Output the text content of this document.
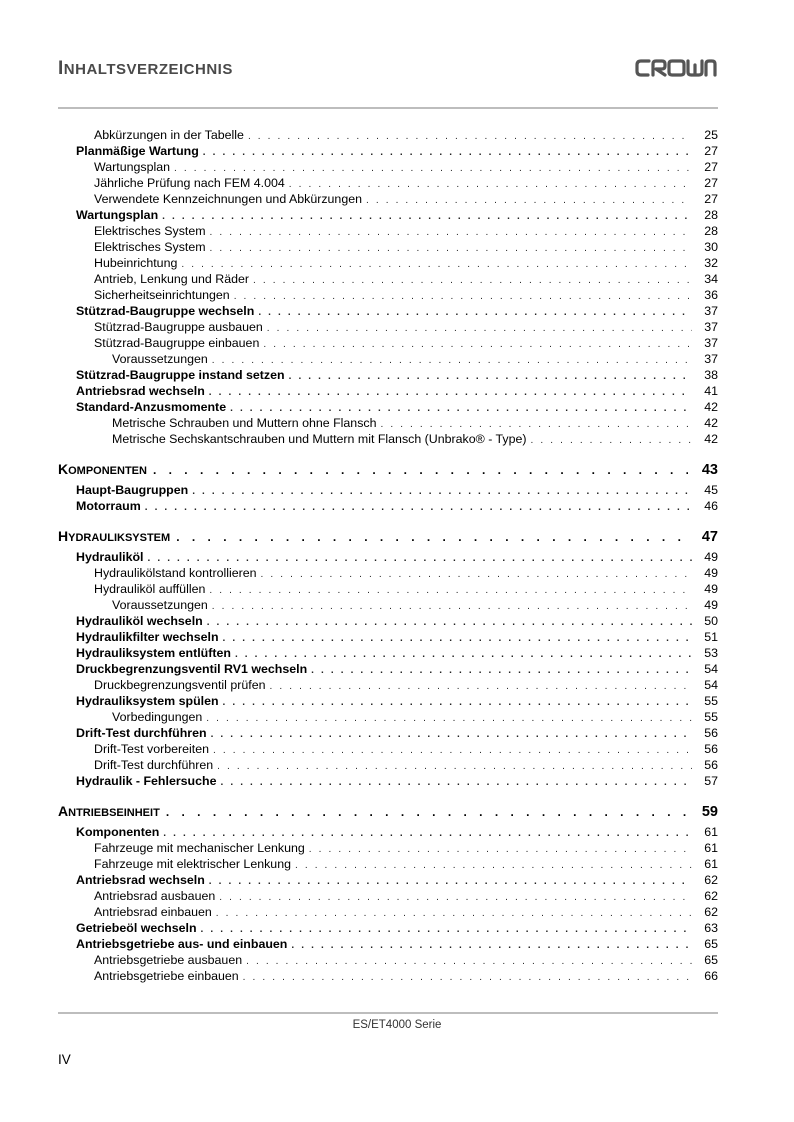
INHALTSVERZEICHNIS
Abkürzungen in der Tabelle . . .	25
Planmäßige Wartung . . .	27
Wartungsplan . . .	27
Jährliche Prüfung nach FEM 4.004 . . .	27
Verwendete Kennzeichnungen und Abkürzungen . . .	27
Wartungsplan . . .	28
Elektrisches System . . .	28
Elektrisches System . . .	30
Hubeinrichtung . . .	32
Antrieb, Lenkung und Räder . . .	34
Sicherheitseinrichtungen . . .	36
Stützrad-Baugruppe wechseln . . .	37
Stützrad-Baugruppe ausbauen . . .	37
Stützrad-Baugruppe einbauen . . .	37
Voraussetzungen . . .	37
Stützrad-Baugruppe instand setzen . . .	38
Antriebsrad wechseln . . .	41
Standard-Anzusmomente . . .	42
Metrische Schrauben und Muttern ohne Flansch . . .	42
Metrische Sechskantschrauben und Muttern mit Flansch (Unbrako® - Type) . . .	42
KOMPONENTEN . . .	43
Haupt-Baugruppen . . .	45
Motorraum . . .	46
HYDRAULIKSYSTEM . . .	47
Hydrauliköl . . .	49
Hydraulikölstand kontrollieren . . .	49
Hydrauliköl auffüllen . . .	49
Voraussetzungen . . .	49
Hydrauliköl wechseln . . .	50
Hydraulikfilter wechseln . . .	51
Hydrauliksystem entlüften . . .	53
Druckbegrenzungsventil RV1 wechseln . . .	54
Druckbegrenzungsventil prüfen . . .	54
Hydrauliksystem spülen . . .	55
Vorbedingungen . . .	55
Drift-Test durchführen . . .	56
Drift-Test vorbereiten . . .	56
Drift-Test durchführen . . .	56
Hydraulik - Fehlersuche . . .	57
ANTRIEBSEINHEIT . . .	59
Komponenten . . .	61
Fahrzeuge mit mechanischer Lenkung . . .	61
Fahrzeuge mit elektrischer Lenkung . . .	61
Antriebsrad wechseln . . .	62
Antriebsrad ausbauen . . .	62
Antriebsrad einbauen . . .	62
Getriebeöl wechseln . . .	63
Antriebsgetriebe aus- und einbauen . . .	65
Antriebsgetriebe ausbauen . . .	65
Antriebsgetriebe einbauen . . .	66
ES/ET4000 Serie
IV
